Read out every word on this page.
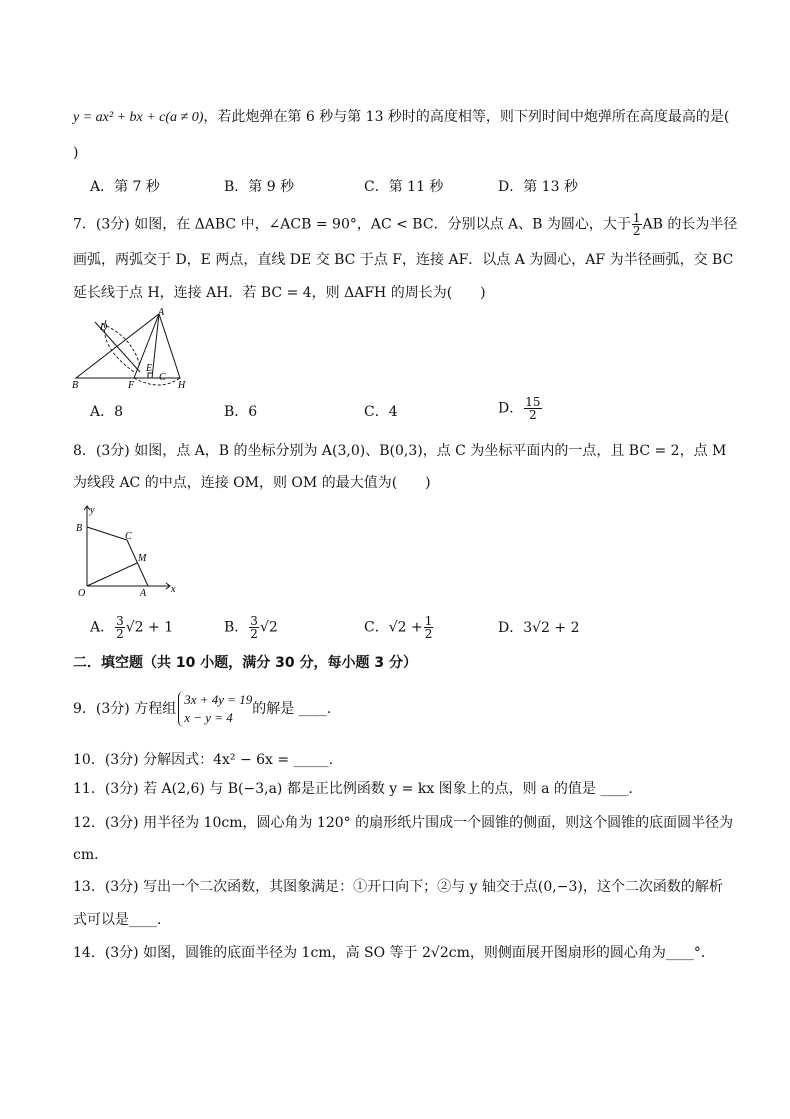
y = ax² + bx + c(a ≠ 0)，若此炮弹在第 6 秒与第 13 秒时的高度相等，则下列时间中炮弹所在高度最高的是(
)
A．第 7 秒	B．第 9 秒	C．第 11 秒	D．第 13 秒
7．(3分) 如图，在 ΔABC 中，∠ACB = 90°，AC < BC．分别以点 A、B 为圆心，大于 $\frac{1}{2}$ AB 的长为半径
画弧，两弧交于 D，E 两点，直线 DE 交 BC 于点 F，连接 AF．以点 A 为圆心，AF 为半径画弧，交 BC
延长线于点 H，连接 AH．若 BC = 4，则 ΔAFH 的周长为(　　)
A
D
E
C
B	F	H
A．8	B．6	C．4	D． $\frac{15}{2}$
8．(3分) 如图，点 A，B 的坐标分别为 A(3,0)、B(0,3)，点 C 为坐标平面内的一点，且 BC = 2，点 M
为线段 AC 的中点，连接 OM，则 OM 的最大值为(　　)
y
B
C
M
O	A x
A． $\frac{3}{2} √2 + 1$	B． $\frac{3}{2} √2$	C．$√2 + \frac{1}{2}$	D．3√2 + 2
二．填空题（共 10 小题，满分 30 分，每小题 3 分）
9．(3分) 方程组
3x + 4y = 19
x − y = 4
的解是 ____.
10．(3分) 分解因式：4x² − 6x = _____.
11．(3分) 若 A(2,6) 与 B(−3,a) 都是正比例函数 y = kx 图象上的点，则 a 的值是 ____.
12．(3分) 用半径为 10cm，圆心角为 120° 的扇形纸片围成一个圆锥的侧面，则这个圆锥的底面圆半径为
cm．
13．(3分) 写出一个二次函数，其图象满足：①开口向下；②与 y 轴交于点(0,−3)，这个二次函数的解析
式可以是____.
14．(3分) 如图，圆锥的底面半径为 1cm，高 SO 等于 2√2cm，则侧面展开图扇形的圆心角为____°．
